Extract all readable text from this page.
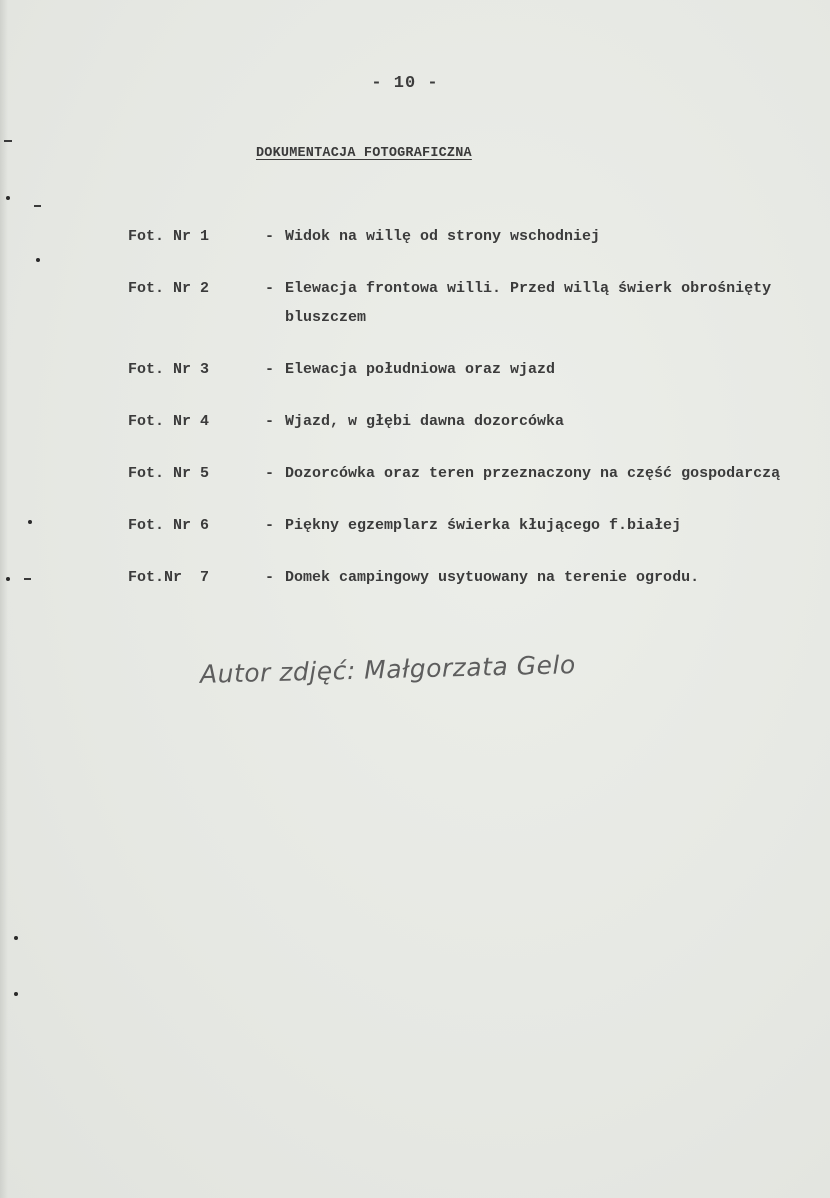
- 10 -
DOKUMENTACJA FOTOGRAFICZNA
Fot. Nr 1	- Widok na willę od strony wschodniej
Fot. Nr 2	- Elewacja frontowa willi. Przed willą świerk obrośnięty bluszczem
Fot. Nr 3	- Elewacja południowa oraz wjazd
Fot. Nr 4	- Wjazd, w głębi dawna dozorcówka
Fot. Nr 5	- Dozorcówka oraz teren przeznaczony na część gospodarczą
Fot. Nr 6	- Piękny egzemplarz świerka kłującego f.białej
Fot.Nr  7	- Domek campingowy usytuowany na terenie ogrodu.
Autor zdjęć: Małgorzata Gelo
